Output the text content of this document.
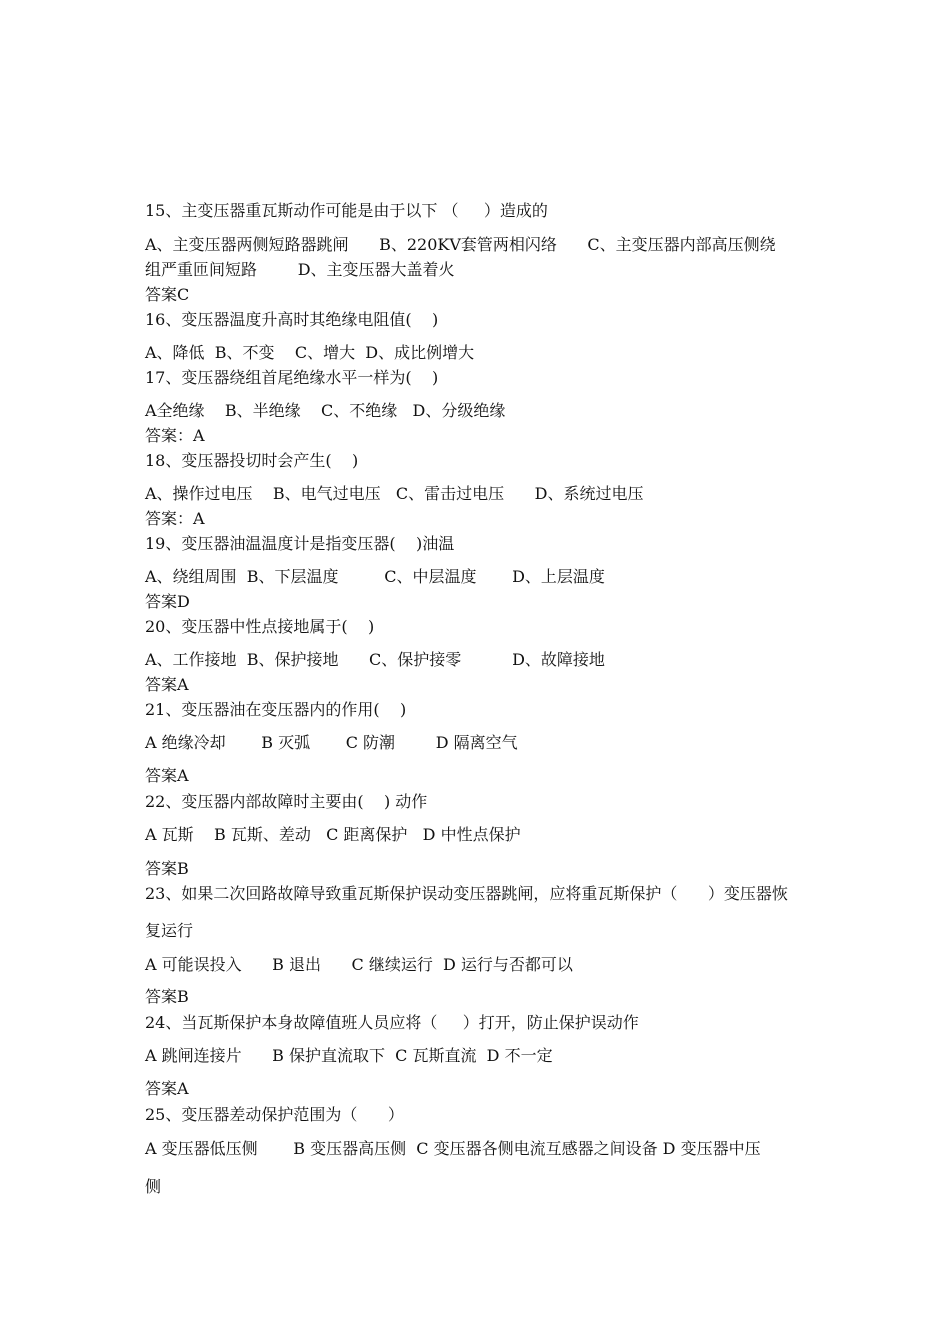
15、主变压器重瓦斯动作可能是由于以下 （     ）造成的
A、主变压器两侧短路器跳闸      B、220KV套管两相闪络      C、主变压器内部高压侧绕
组严重匝间短路        D、主变压器大盖着火
答案C
16、变压器温度升高时其绝缘电阻值(    )
A、降低  B、不变    C、增大  D、成比例增大
17、变压器绕组首尾绝缘水平一样为(    )
A全绝缘    B、半绝缘    C、不绝缘   D、分级绝缘
答案：A
18、变压器投切时会产生(    )
A、操作过电压    B、电气过电压   C、雷击过电压      D、系统过电压
答案：A
19、变压器油温温度计是指变压器(    )油温
A、绕组周围  B、下层温度         C、中层温度       D、上层温度
答案D
20、变压器中性点接地属于(    )
A、工作接地  B、保护接地      C、保护接零          D、故障接地
答案A
21、变压器油在变压器内的作用(    )
A 绝缘冷却       B 灭弧       C 防潮        D 隔离空气
答案A
22、变压器内部故障时主要由(    ) 动作
A 瓦斯    B 瓦斯、差动   C 距离保护   D 中性点保护
答案B
23、如果二次回路故障导致重瓦斯保护误动变压器跳闸，应将重瓦斯保护（      ）变压器恢
复运行
A 可能误投入      B 退出      C 继续运行  D 运行与否都可以
答案B
24、当瓦斯保护本身故障值班人员应将（     ）打开，防止保护误动作
A 跳闸连接片      B 保护直流取下  C 瓦斯直流  D 不一定
答案A
25、变压器差动保护范围为（      ）
A 变压器低压侧       B 变压器高压侧  C 变压器各侧电流互感器之间设备 D 变压器中压
侧
